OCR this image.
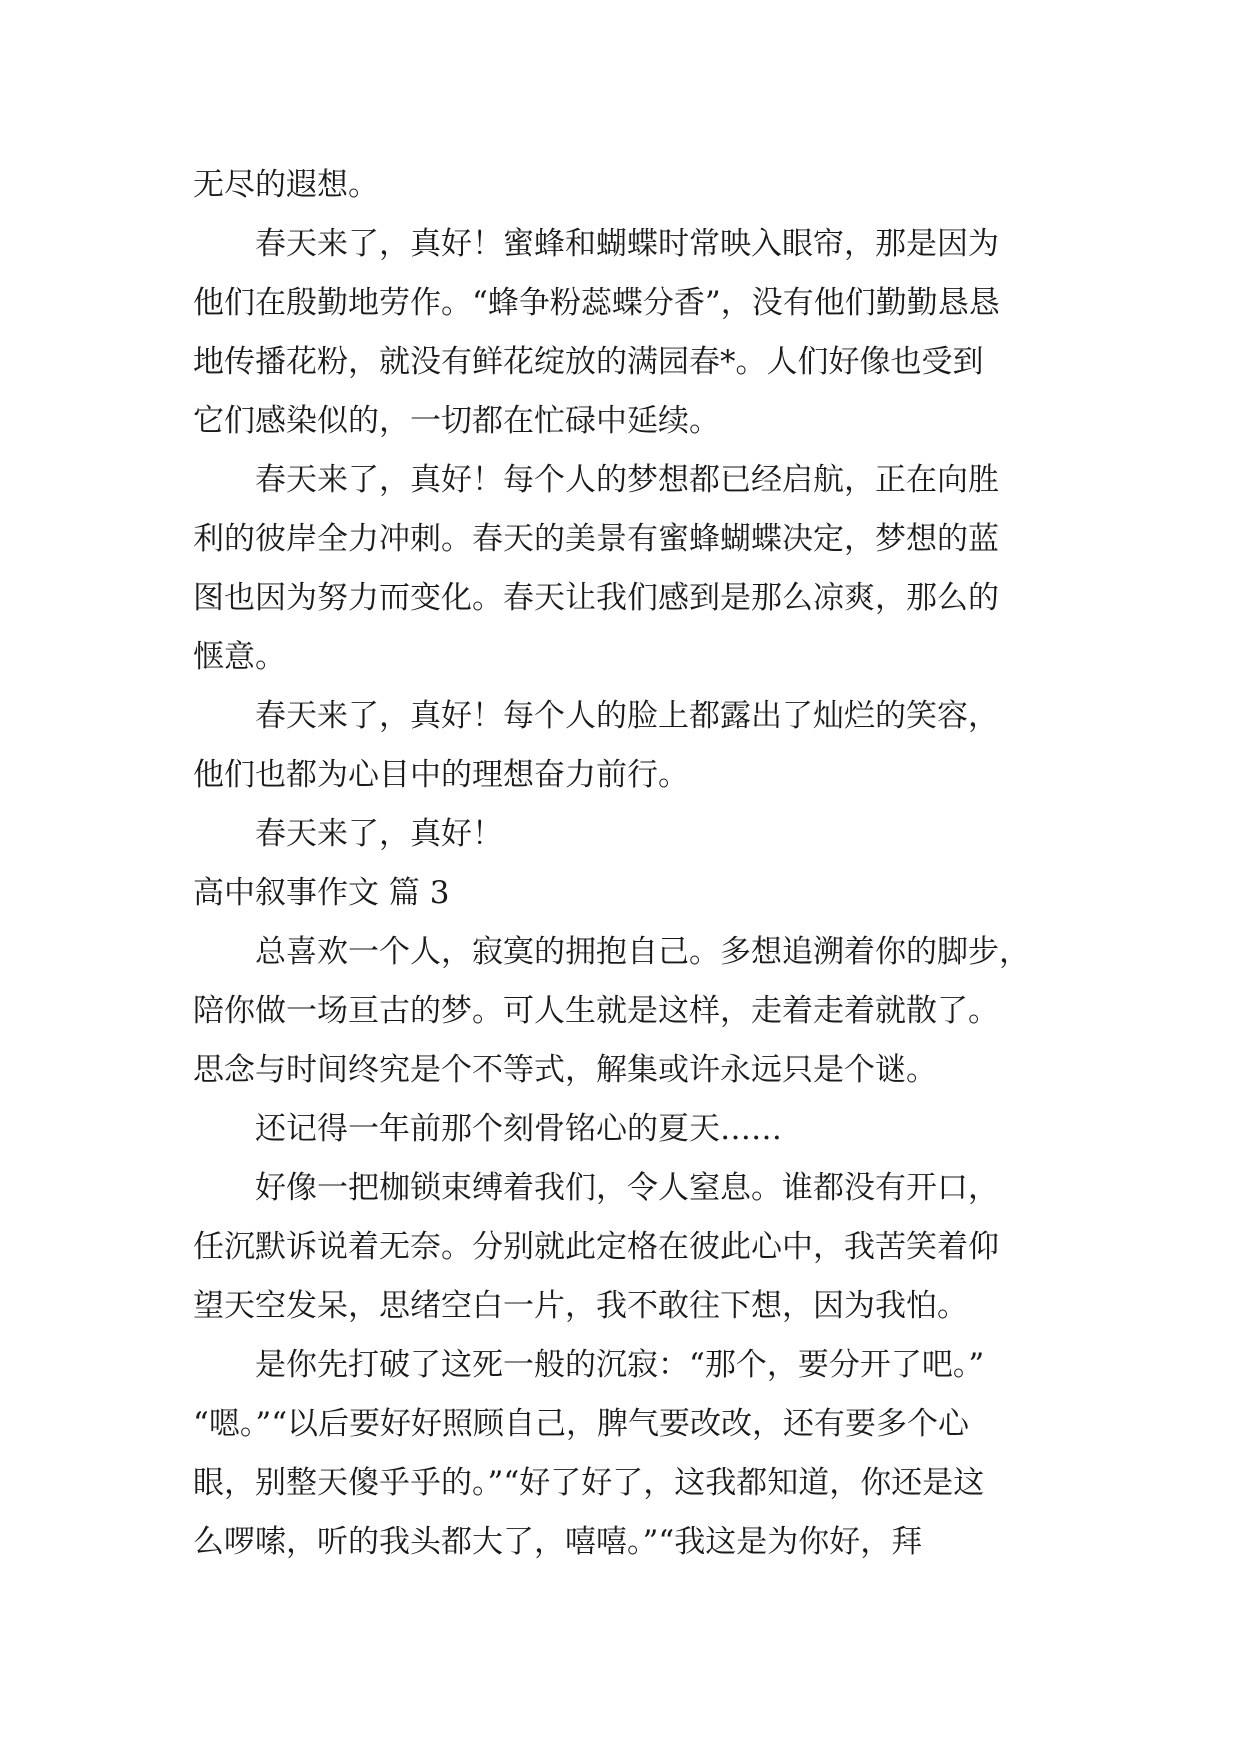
无尽的遐想。
春天来了，真好！蜜蜂和蝴蝶时常映入眼帘，那是因为
他们在殷勤地劳作。“蜂争粉蕊蝶分香”，没有他们勤勤恳恳
地传播花粉，就没有鲜花绽放的满园春*。人们好像也受到
它们感染似的，一切都在忙碌中延续。
春天来了，真好！每个人的梦想都已经启航，正在向胜
利的彼岸全力冲刺。春天的美景有蜜蜂蝴蝶决定，梦想的蓝
图也因为努力而变化。春天让我们感到是那么凉爽，那么的
惬意。
春天来了，真好！每个人的脸上都露出了灿烂的笑容，
他们也都为心目中的理想奋力前行。
春天来了，真好！
高中叙事作文 篇 3
总喜欢一个人，寂寞的拥抱自己。多想追溯着你的脚步，
陪你做一场亘古的梦。可人生就是这样，走着走着就散了。
思念与时间终究是个不等式，解集或许永远只是个谜。
还记得一年前那个刻骨铭心的夏天……
好像一把枷锁束缚着我们，令人窒息。谁都没有开口，
任沉默诉说着无奈。分别就此定格在彼此心中，我苦笑着仰
望天空发呆，思绪空白一片，我不敢往下想，因为我怕。
是你先打破了这死一般的沉寂：“那个，要分开了吧。”
“嗯。”“以后要好好照顾自己，脾气要改改，还有要多个心
眼，别整天傻乎乎的。”“好了好了，这我都知道，你还是这
么啰嗦，听的我头都大了，嘻嘻。”“我这是为你好，拜
